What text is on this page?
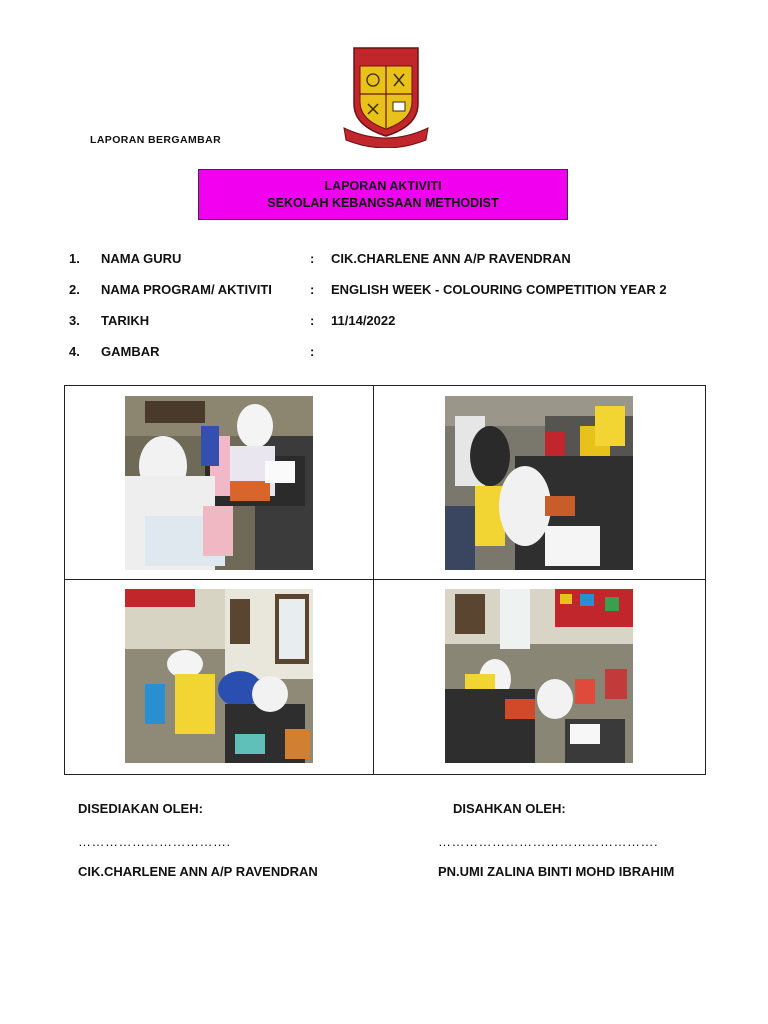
LAPORAN BERGAMBAR
LAPORAN AKTIVITI
SEKOLAH KEBANGSAAN METHODIST
1. NAMA GURU	: CIK.CHARLENE ANN A/P RAVENDRAN
2. NAMA PROGRAM/ AKTIVITI	: ENGLISH WEEK - COLOURING COMPETITION YEAR 2
3. TARIKH	: 11/14/2022
4. GAMBAR	:
DISEDIAKAN OLEH:
…………………………….
CIK.CHARLENE ANN A/P RAVENDRAN
DISAHKAN OLEH:
………………………………………….
PN.UMI ZALINA BINTI MOHD IBRAHIM
